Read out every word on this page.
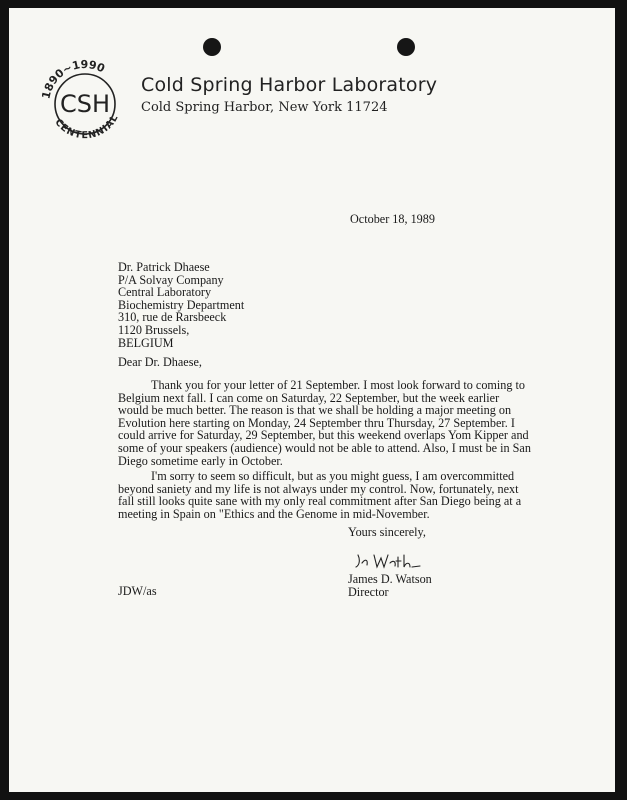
1890~1990
CSH
CENTENNIAL
Cold Spring Harbor Laboratory
Cold Spring Harbor, New York 11724
October 18, 1989
Dr. Patrick Dhaese
P/A Solvay Company
Central Laboratory
Biochemistry Department
310, rue de Rarsbeeck
1120 Brussels,
BELGIUM
Dear Dr. Dhaese,
Thank you for your letter of 21 September. I most look forward to coming to
Belgium next fall. I can come on Saturday, 22 September, but the week earlier
would be much better. The reason is that we shall be holding a major meeting on
Evolution here starting on Monday, 24 September thru Thursday, 27 September. I
could arrive for Saturday, 29 September, but this weekend overlaps Yom Kipper and
some of your speakers (audience) would not be able to attend. Also, I must be in San
Diego sometime early in October.
I'm sorry to seem so difficult, but as you might guess, I am overcommitted
beyond saniety and my life is not always under my control. Now, fortunately, next
fall still looks quite sane with my only real commitment after San Diego being at a
meeting in Spain on "Ethics and the Genome in mid-November.
Yours sincerely,
James D. Watson
Director
JDW/as
